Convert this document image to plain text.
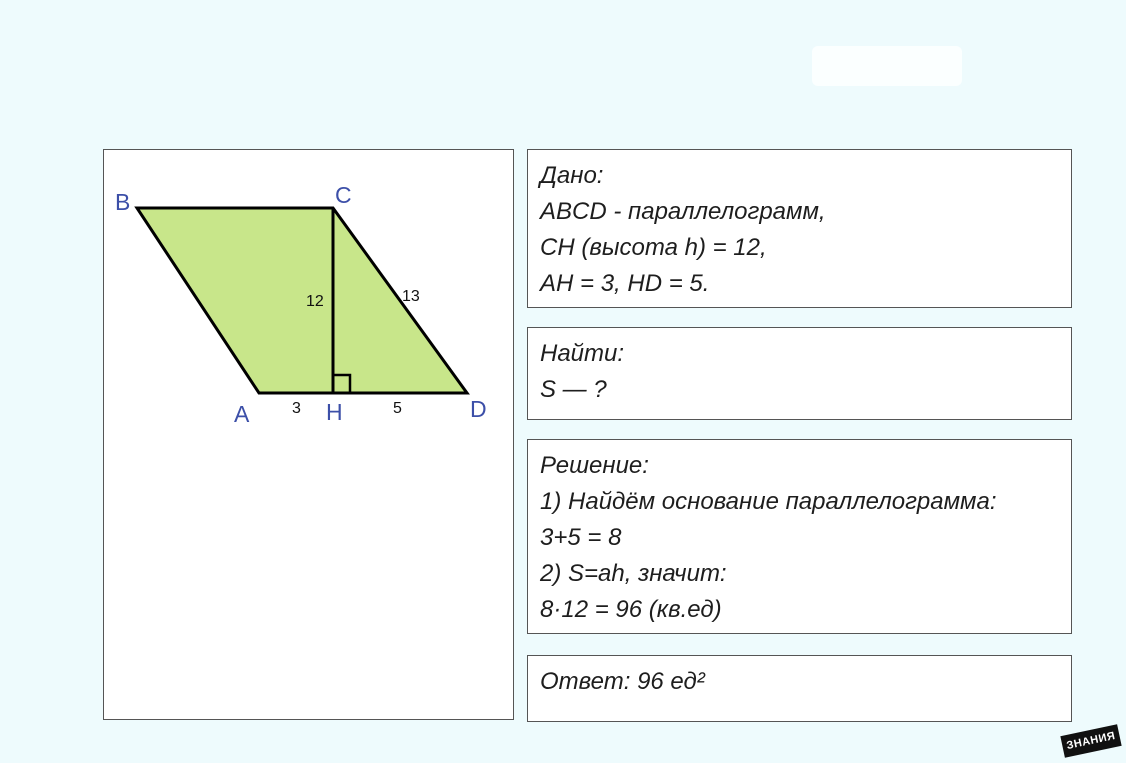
B	C
A	H	D
12	13
3	5
Дано:
ABCD - параллелограмм,
CH (высота h) = 12,
AH = 3, HD = 5.
Найти:
S — ?
Решение:
1) Найдём основание параллелограмма:
3+5 = 8
2) S=ah, значит:
8·12 = 96 (кв.ед)
Ответ: 96 ед²
ЗНАНИЯ
